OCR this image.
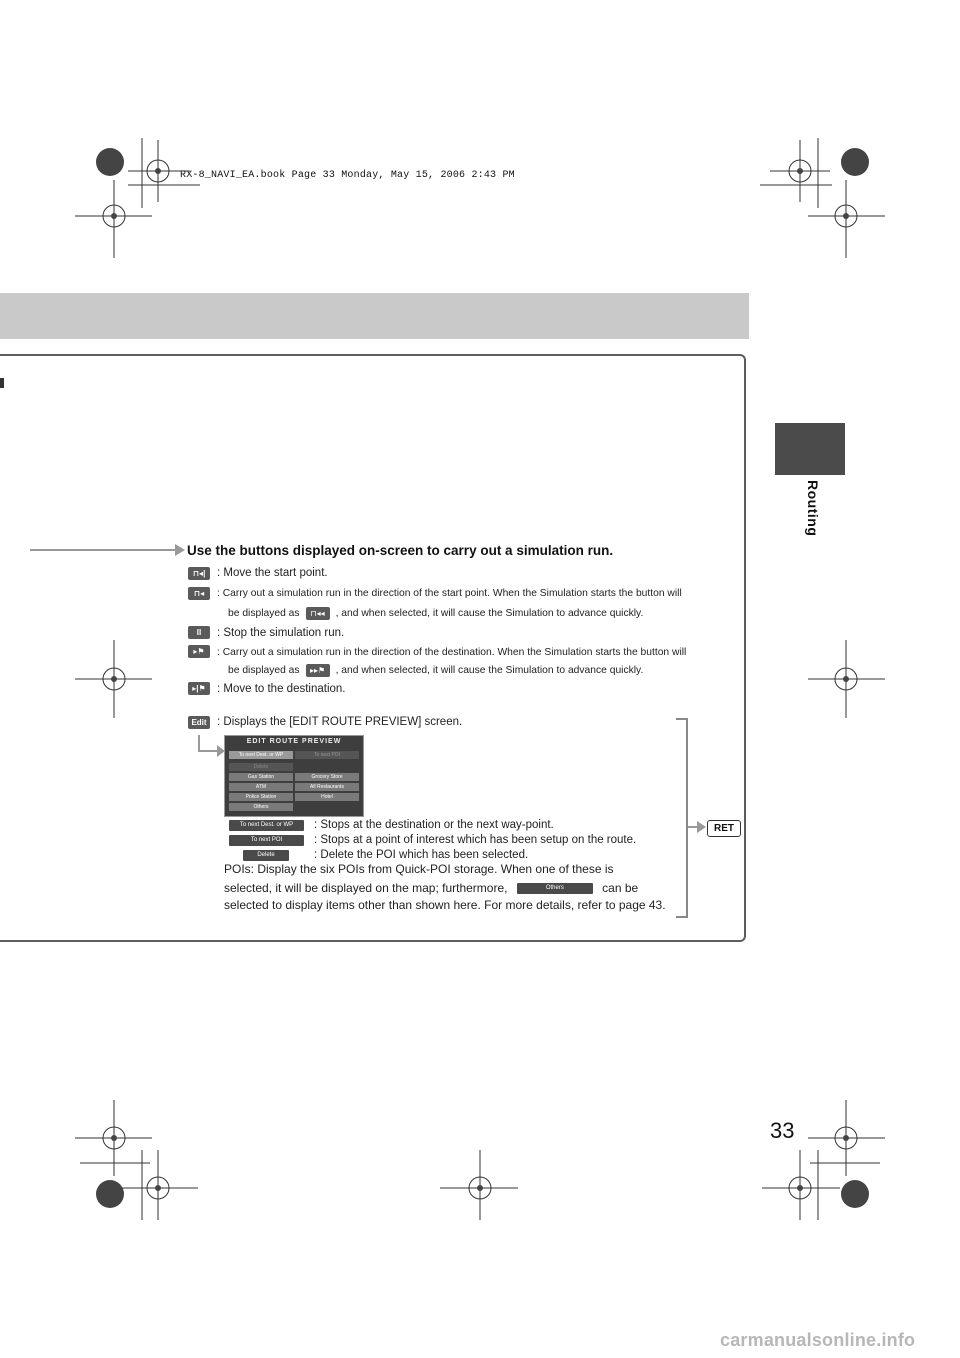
RX-8_NAVI_EA.book Page 33 Monday, May 15, 2006 2:43 PM
Routing
Use the buttons displayed on-screen to carry out a simulation run.
⊓◂|	: Move the start point.
⊓◂	: Carry out a simulation run in the direction of the start point. When the Simulation starts the button will
be displayed as ⊓◂◂ , and when selected, it will cause the Simulation to advance quickly.
II	: Stop the simulation run.
▸⚑	: Carry out a simulation run in the direction of the destination. When the Simulation starts the button will
be displayed as ▸▸⚑ , and when selected, it will cause the Simulation to advance quickly.
▸|⚑ : Move to the destination.
Edit : Displays the [EDIT ROUTE PREVIEW] screen.
EDIT ROUTE PREVIEW
To next Dest. or WP	To next POI
Delete
Gas Station	Grocery Store
ATM	All Restaurants
Police Station	Hotel
Others
To next Dest. or WP	: Stops at the destination or the next way-point.
To next POI	: Stops at a point of interest which has been setup on the route.
Delete	: Delete the POI which has been selected.
POIs: Display the six POIs from Quick-POI storage. When one of these is
selected, it will be displayed on the map; furthermore,	Others	can be
selected to display items other than shown here. For more details, refer to page 43.
RET
33
carmanualsonline.info
